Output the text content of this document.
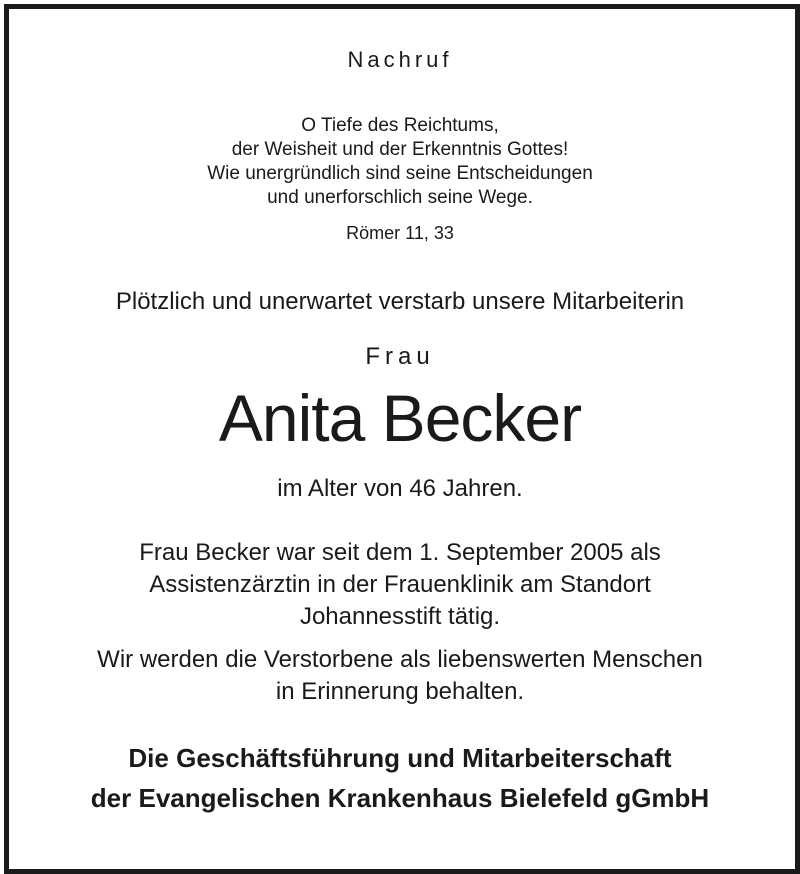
Nachruf
O Tiefe des Reichtums,
der Weisheit und der Erkenntnis Gottes!
Wie unergründlich sind seine Entscheidungen
und unerforschlich seine Wege.
Römer 11, 33
Plötzlich und unerwartet verstarb unsere Mitarbeiterin
Frau
Anita Becker
im Alter von 46 Jahren.
Frau Becker war seit dem 1. September 2005 als
Assistenzärztin in der Frauenklinik am Standort
Johannesstift tätig.
Wir werden die Verstorbene als liebenswerten Menschen
in Erinnerung behalten.
Die Geschäftsführung und Mitarbeiterschaft
der Evangelischen Krankenhaus Bielefeld gGmbH
